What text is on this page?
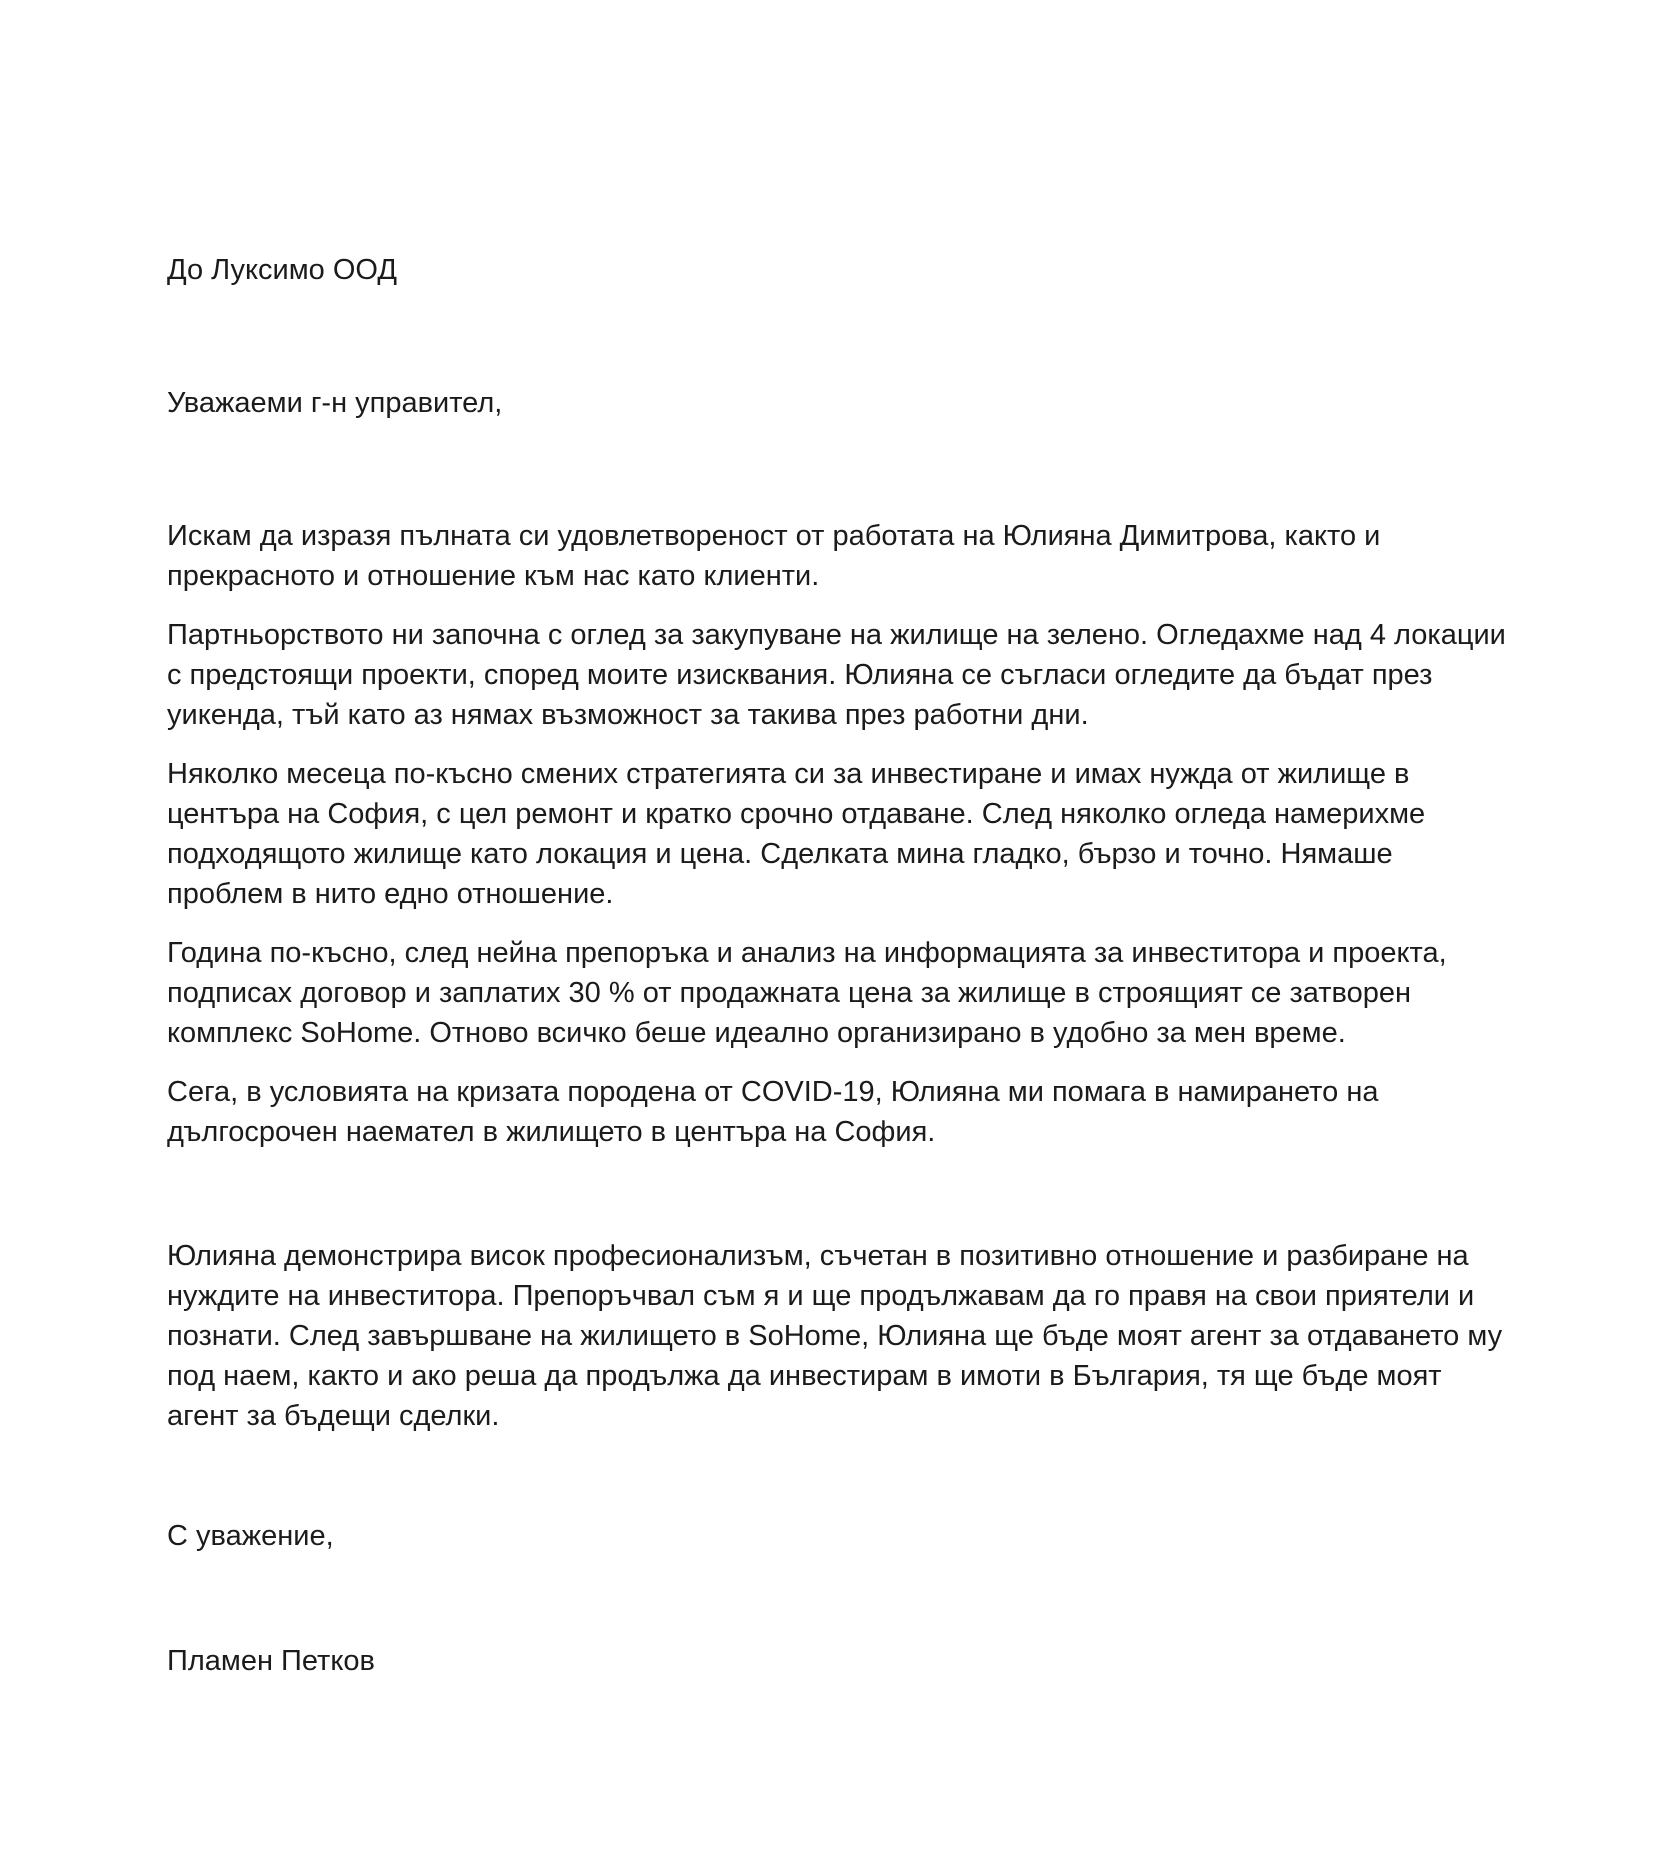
До Луксимо ООД

Уважаеми г-н управител,

Искам да изразя пълната си удовлетвореност от работата на Юлияна Димитрова, както и прекрасното и отношение към нас като клиенти.

Партньорството ни започна с оглед за закупуване на жилище на зелено. Огледахме над 4 локации с предстоящи проекти, според моите изисквания. Юлияна се съгласи огледите да бъдат през уикенда, тъй като аз нямах възможност за такива през работни дни.

Няколко месеца по-късно смених стратегията си за инвестиране и имах нужда от жилище в центъра на София, с цел ремонт и кратко срочно отдаване. След няколко огледа намерихме подходящото жилище като локация и цена. Сделката мина гладко, бързо и точно. Нямаше проблем в нито едно отношение.

Година по-късно, след нейна препоръка и анализ на информацията за инвеститора и проекта, подписах договор и заплатих 30 % от продажната цена за жилище в строящият се затворен комплекс SoHome. Отново всичко беше идеално организирано в удобно за мен време.

Сега, в условията на кризата породена от COVID-19, Юлияна ми помага в намирането на дългосрочен наемател в жилището в центъра на София.

Юлияна демонстрира висок професионализъм, съчетан в позитивно отношение и разбиране на нуждите на инвеститора. Препоръчвал съм я и ще продължавам да го правя на свои приятели и познати. След завършване на жилището в SoHome, Юлияна ще бъде моят агент за отдаването му под наем, както и ако реша да продължа да инвестирам в имоти в България, тя ще бъде моят агент за бъдещи сделки.

С уважение,

Пламен Петков
